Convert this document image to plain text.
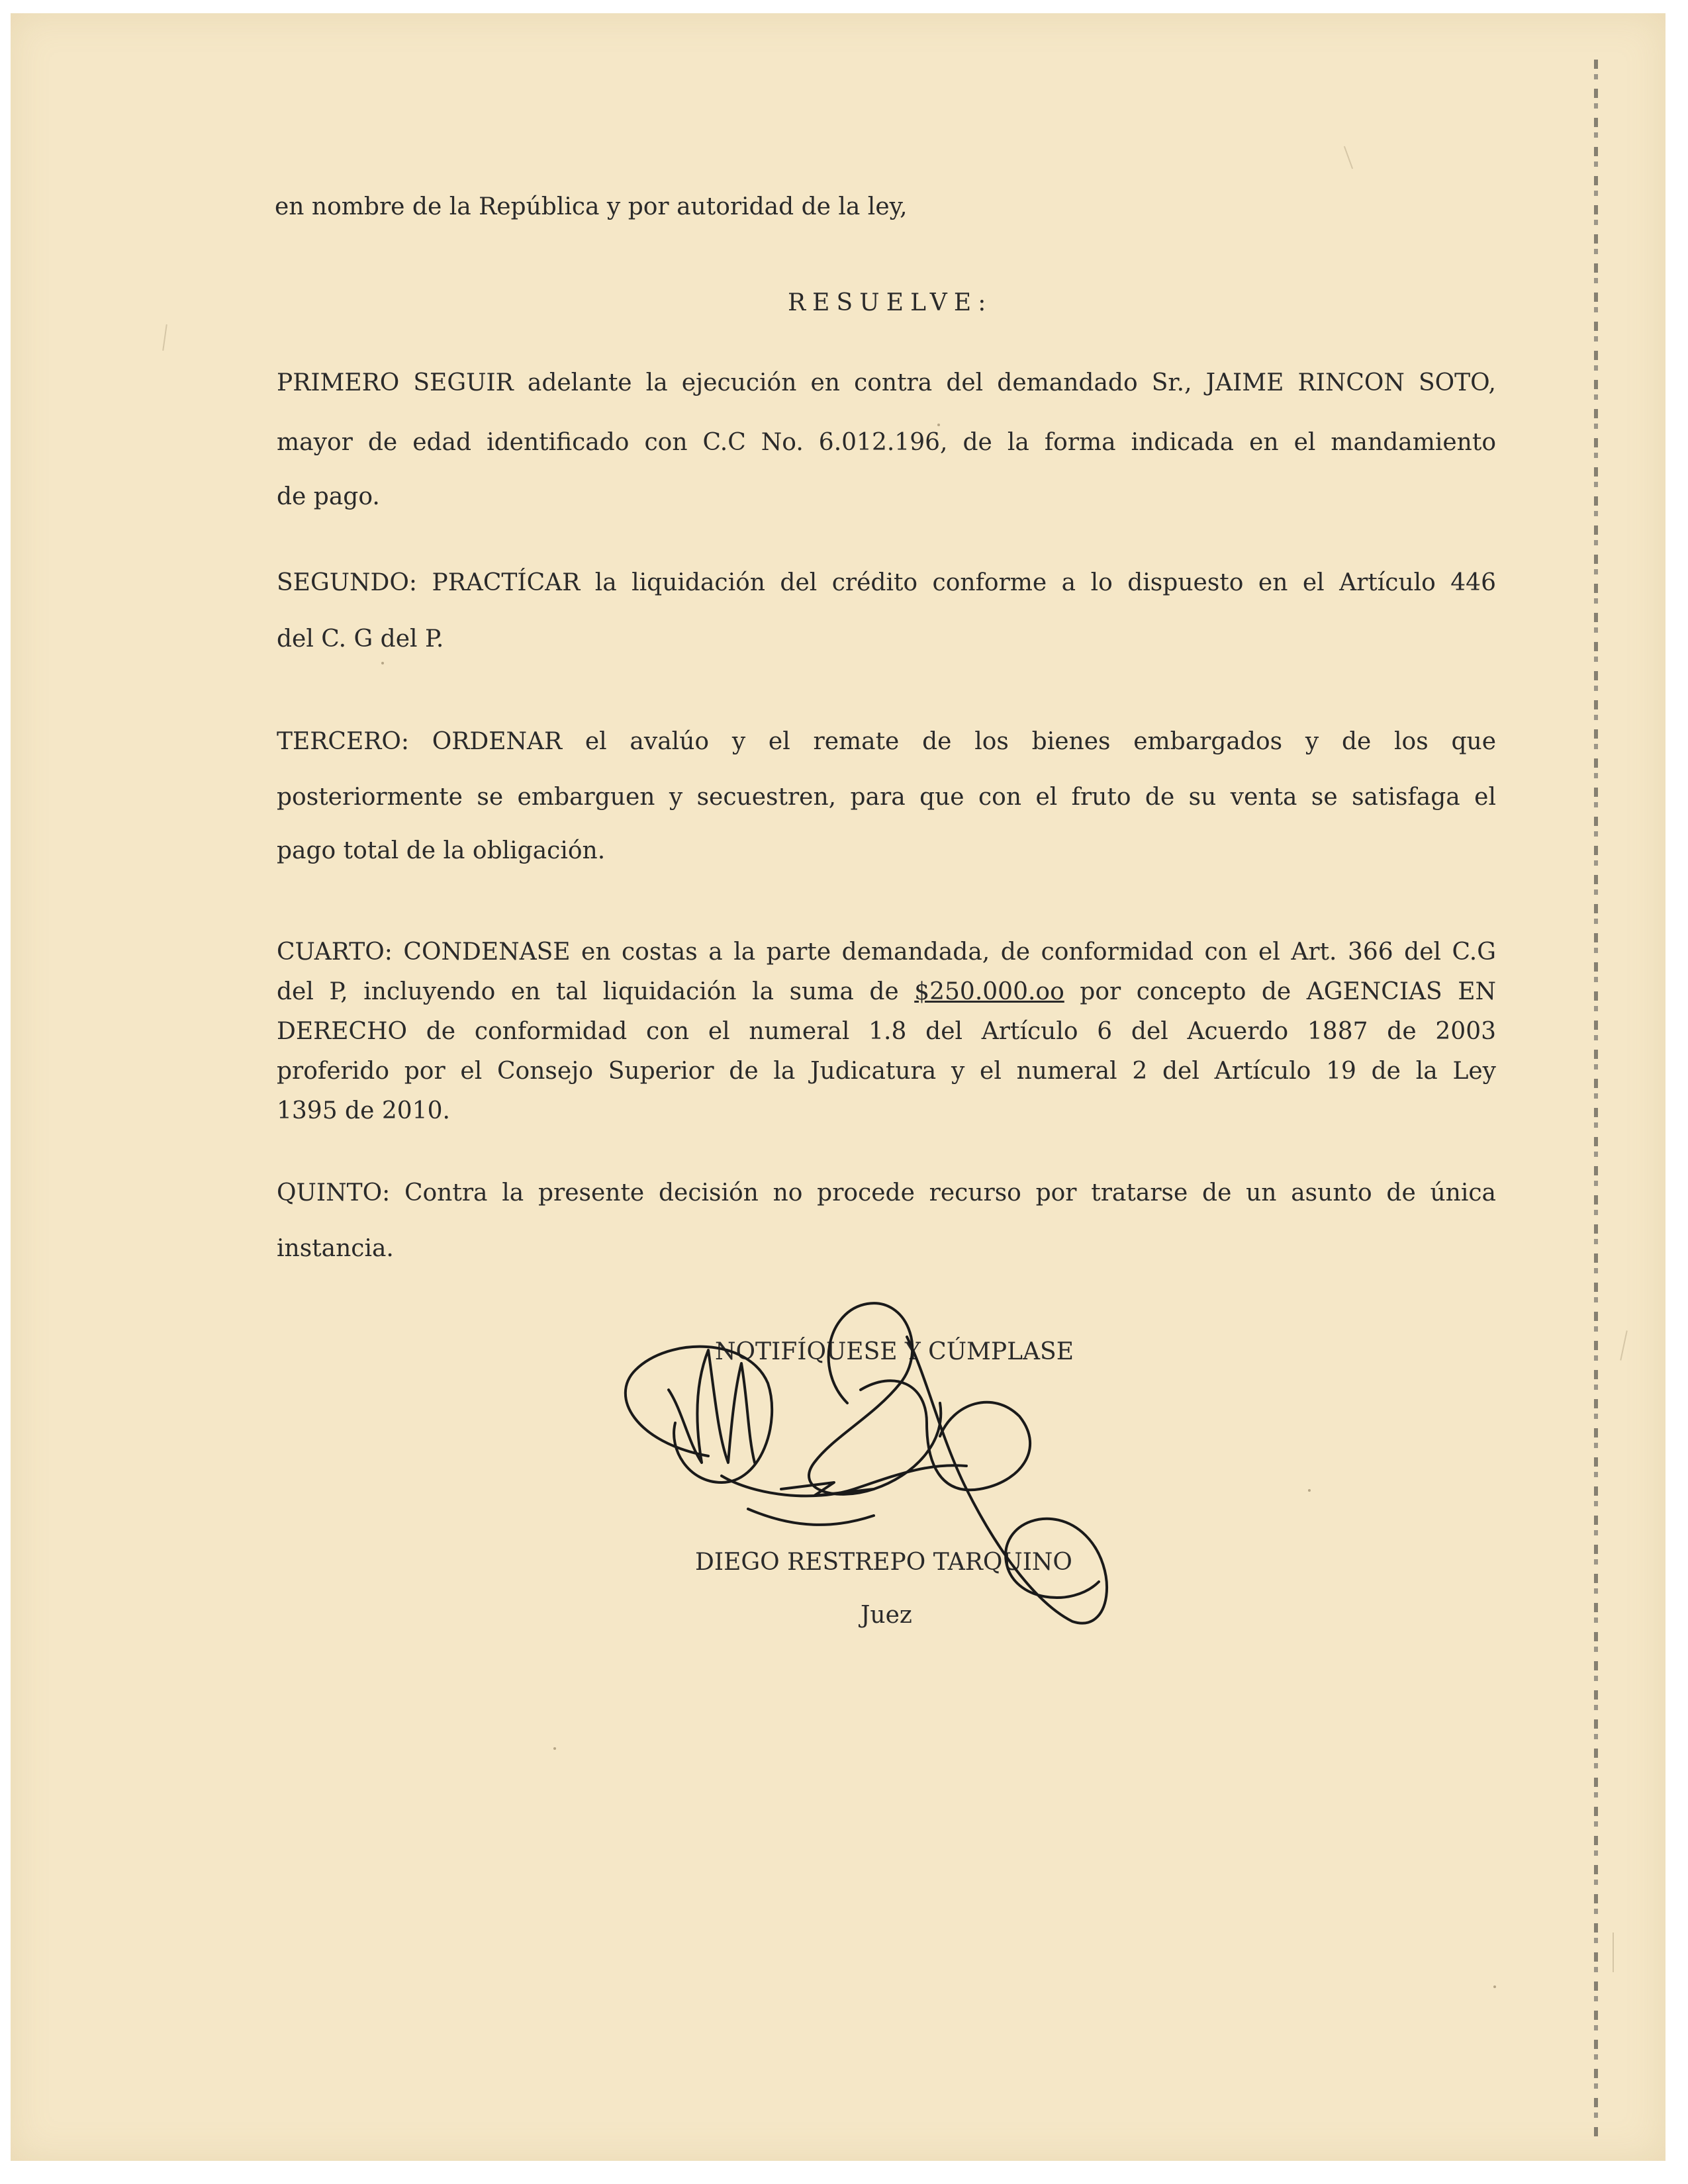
en nombre de la República y por autoridad de la ley,
RESUELVE:
PRIMERO SEGUIR adelante la ejecución en contra del demandado Sr., JAIME RINCON SOTO,
mayor de edad identificado con C.C No. 6.012.196, de la forma indicada en el mandamiento
de pago.
SEGUNDO: PRACTÍCAR la liquidación del crédito conforme a lo dispuesto en el Artículo 446
del C. G del P.
TERCERO: ORDENAR el avalúo y el remate de los bienes embargados y de los que
posteriormente se embarguen y secuestren, para que con el fruto de su venta se satisfaga el
pago total de la obligación.
CUARTO: CONDENASE en costas a la parte demandada, de conformidad con el Art. 366 del C.G
del P, incluyendo en tal liquidación la suma de $250.000.oo por concepto de AGENCIAS EN
DERECHO de conformidad con el numeral 1.8 del Artículo 6 del Acuerdo 1887 de 2003
proferido por el Consejo Superior de la Judicatura y el numeral 2 del Artículo 19 de la Ley
1395 de 2010.
QUINTO: Contra la presente decisión no procede recurso por tratarse de un asunto de única
instancia.
NOTIFÍQUESE Y CÚMPLASE
DIEGO RESTREPO TARQUINO
Juez
